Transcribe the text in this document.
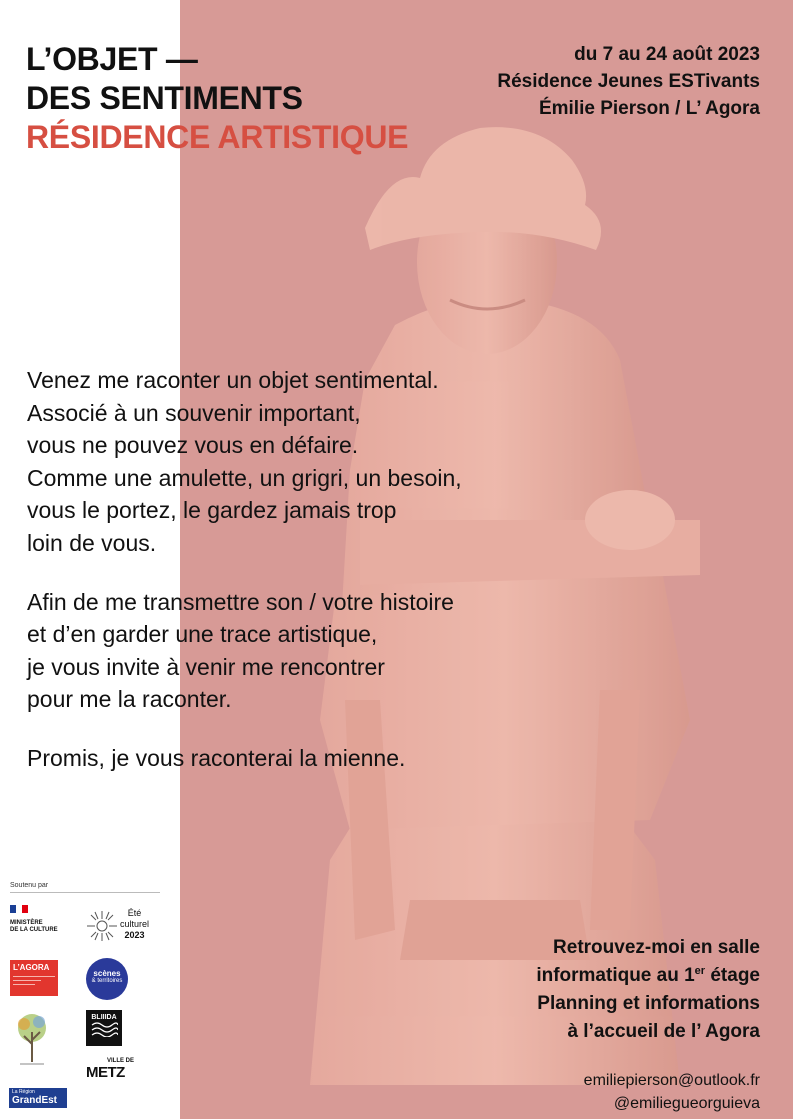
L’OBJET —
DES SENTIMENTS
RÉSIDENCE ARTISTIQUE
du 7 au 24 août 2023
Résidence Jeunes ESTivants
Émilie Pierson / L’ Agora

Venez me raconter un objet sentimental.
Associé à un souvenir important,
vous ne pouvez vous en défaire.
Comme une amulette, un grigri, un besoin,
vous le portez, le gardez jamais trop
loin de vous.

Afin de me transmettre son / votre histoire
et d’en garder une trace artistique,
je vous invite à venir me rencontrer
pour me la raconter.

Promis, je vous raconterai la mienne.

Retrouvez-moi en salle
informatique au 1er étage
Planning et informations
à l’accueil de l’ Agora
emiliepierson@outlook.fr
@emiliegueorguieva
Soutenu par
MINISTÈRE
DE LA CULTURE
Été
culturel
2023
L’AGORA
scènes
& territoires
BLIIIDA
VILLE DE
METZ
La Région
GrandEst
